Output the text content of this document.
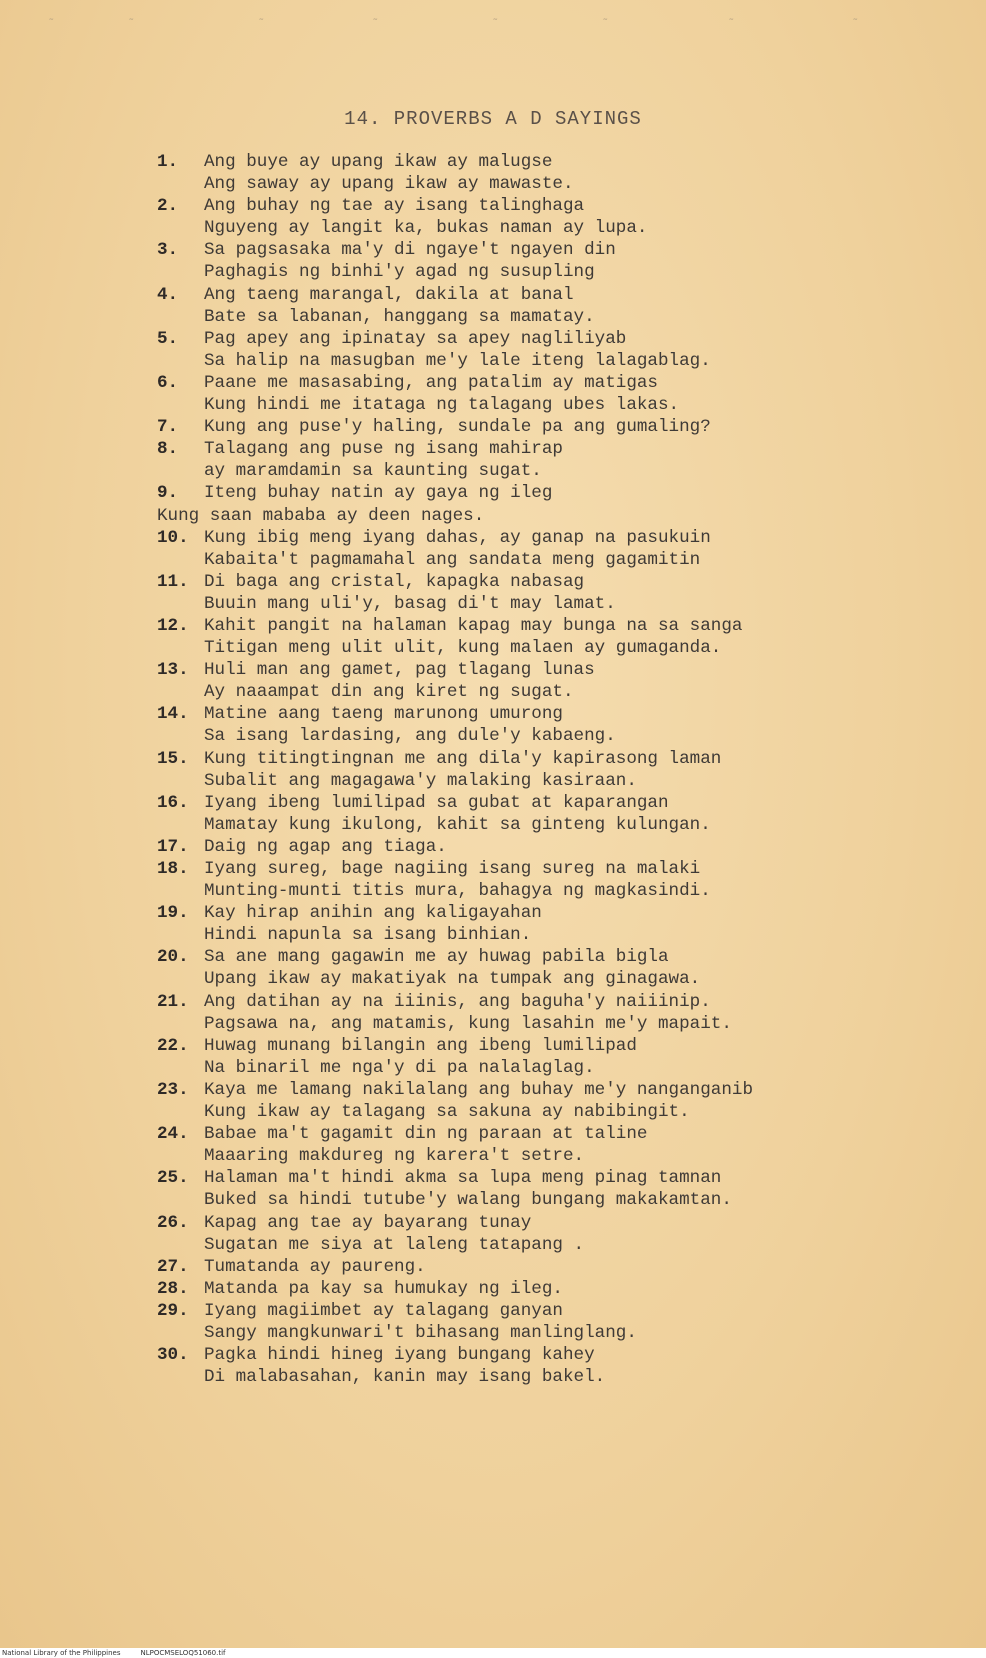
˜	˜	˜	˜	˜	˜	˜	˜
14. PROVERBS A D SAYINGS
1.	Ang buye ay upang ikaw ay malugse
Ang saway ay upang ikaw ay mawaste.
2.	Ang buhay ng tae ay isang talinghaga
Nguyeng ay langit ka, bukas naman ay lupa.
3.	Sa pagsasaka ma'y di ngaye't ngayen din
Paghagis ng binhi'y agad ng susupling
4.	Ang taeng marangal, dakila at banal
Bate sa labanan, hanggang sa mamatay.
5.	Pag apey ang ipinatay sa apey nagliliyab
Sa halip na masugban me'y lale iteng lalagablag.
6.	Paane me masasabing, ang patalim ay matigas
Kung hindi me itataga ng talagang ubes lakas.
7.	Kung ang puse'y haling, sundale pa ang gumaling?
8.	Talagang ang puse ng isang mahirap
ay maramdamin sa kaunting sugat.
9.	Iteng buhay natin ay gaya ng ileg
Kung saan mababa ay deen nages.
10. Kung ibig meng iyang dahas, ay ganap na pasukuin
Kabaita't pagmamahal ang sandata meng gagamitin
11. Di baga ang cristal, kapagka nabasag
Buuin mang uli'y, basag di't may lamat.
12. Kahit pangit na halaman kapag may bunga na sa sanga
Titigan meng ulit ulit, kung malaen ay gumaganda.
13. Huli man ang gamet, pag tlagang lunas
Ay naaampat din ang kiret ng sugat.
14. Matine aang taeng marunong umurong
Sa isang lardasing, ang dule'y kabaeng.
15. Kung titingtingnan me ang dila'y kapirasong laman
Subalit ang magagawa'y malaking kasiraan.
16. Iyang ibeng lumilipad sa gubat at kaparangan
Mamatay kung ikulong, kahit sa ginteng kulungan.
17. Daig ng agap ang tiaga.
18. Iyang sureg, bage nagiing isang sureg na malaki
Munting-munti titis mura, bahagya ng magkasindi.
19. Kay hirap anihin ang kaligayahan
Hindi napunla sa isang binhian.
20. Sa ane mang gagawin me ay huwag pabila bigla
Upang ikaw ay makatiyak na tumpak ang ginagawa.
21. Ang datihan ay na iiinis, ang baguha'y naiiinip.
Pagsawa na, ang matamis, kung lasahin me'y mapait.
22. Huwag munang bilangin ang ibeng lumilipad
Na binaril me nga'y di pa nalalaglag.
23. Kaya me lamang nakilalang ang buhay me'y nanganganib
Kung ikaw ay talagang sa sakuna ay nabibingit.
24. Babae ma't gagamit din ng paraan at taline
Maaaring makdureg ng karera't setre.
25. Halaman ma't hindi akma sa lupa meng pinag tamnan
Buked sa hindi tutube'y walang bungang makakamtan.
26. Kapag ang tae ay bayarang tunay
Sugatan me siya at laleng tatapang .
27. Tumatanda ay paureng.
28. Matanda pa kay sa humukay ng ileg.
29. Iyang magiimbet ay talagang ganyan
Sangy mangkunwari't bihasang manlinglang.
30. Pagka hindi hineg iyang bungang kahey
Di malabasahan, kanin may isang bakel.
National Library of the Philippines	NLPOCMSELOQ51060.tif
